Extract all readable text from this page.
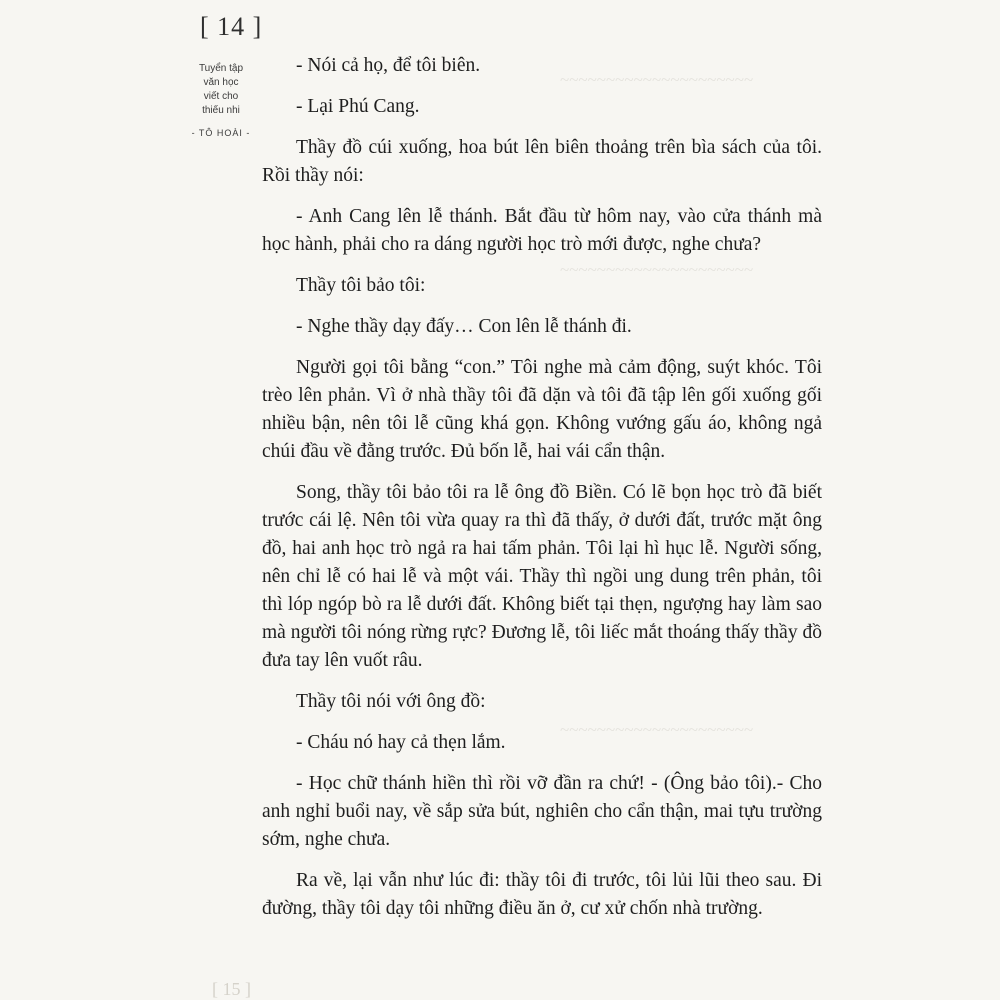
[ 14 ]
Tuyển tập
văn học
viết cho
thiếu nhi
- TÔ HOÀI -
~~~~~~~~~~~~~~~~~~~~~
~~~~~~~~~~~~~~~~~~~~~
~~~~~~~~~~~~~~~~~~~~~

- Nói cả họ, để tôi biên.

- Lại Phú Cang.

Thầy đồ cúi xuống, hoa bút lên biên thoảng trên bìa sách của tôi. Rồi thầy nói:

- Anh Cang lên lễ thánh. Bắt đầu từ hôm nay, vào cửa thánh mà học hành, phải cho ra dáng người học trò mới được, nghe chưa?

Thầy tôi bảo tôi:

- Nghe thầy dạy đấy… Con lên lễ thánh đi.

Người gọi tôi bằng “con.” Tôi nghe mà cảm động, suýt khóc. Tôi trèo lên phản. Vì ở nhà thầy tôi đã dặn và tôi đã tập lên gối xuống gối nhiều bận, nên tôi lễ cũng khá gọn. Không vướng gấu áo, không ngả chúi đầu về đằng trước. Đủ bốn lễ, hai vái cẩn thận.

Song, thầy tôi bảo tôi ra lễ ông đồ Biền. Có lẽ bọn học trò đã biết trước cái lệ. Nên tôi vừa quay ra thì đã thấy, ở dưới đất, trước mặt ông đồ, hai anh học trò ngả ra hai tấm phản. Tôi lại hì hục lễ. Người sống, nên chỉ lễ có hai lễ và một vái. Thầy thì ngồi ung dung trên phản, tôi thì lóp ngóp bò ra lễ dưới đất. Không biết tại thẹn, ngượng hay làm sao mà người tôi nóng rừng rực? Đương lễ, tôi liếc mắt thoáng thấy thầy đồ đưa tay lên vuốt râu.

Thầy tôi nói với ông đồ:

- Cháu nó hay cả thẹn lắm.

- Học chữ thánh hiền thì rồi vỡ đần ra chứ! - (Ông bảo tôi).- Cho anh nghỉ buổi nay, về sắp sửa bút, nghiên cho cẩn thận, mai tựu trường sớm, nghe chưa.

Ra về, lại vẫn như lúc đi: thầy tôi đi trước, tôi lủi lũi theo sau. Đi đường, thầy tôi dạy tôi những điều ăn ở, cư xử chốn nhà trường.

[ 15 ]
